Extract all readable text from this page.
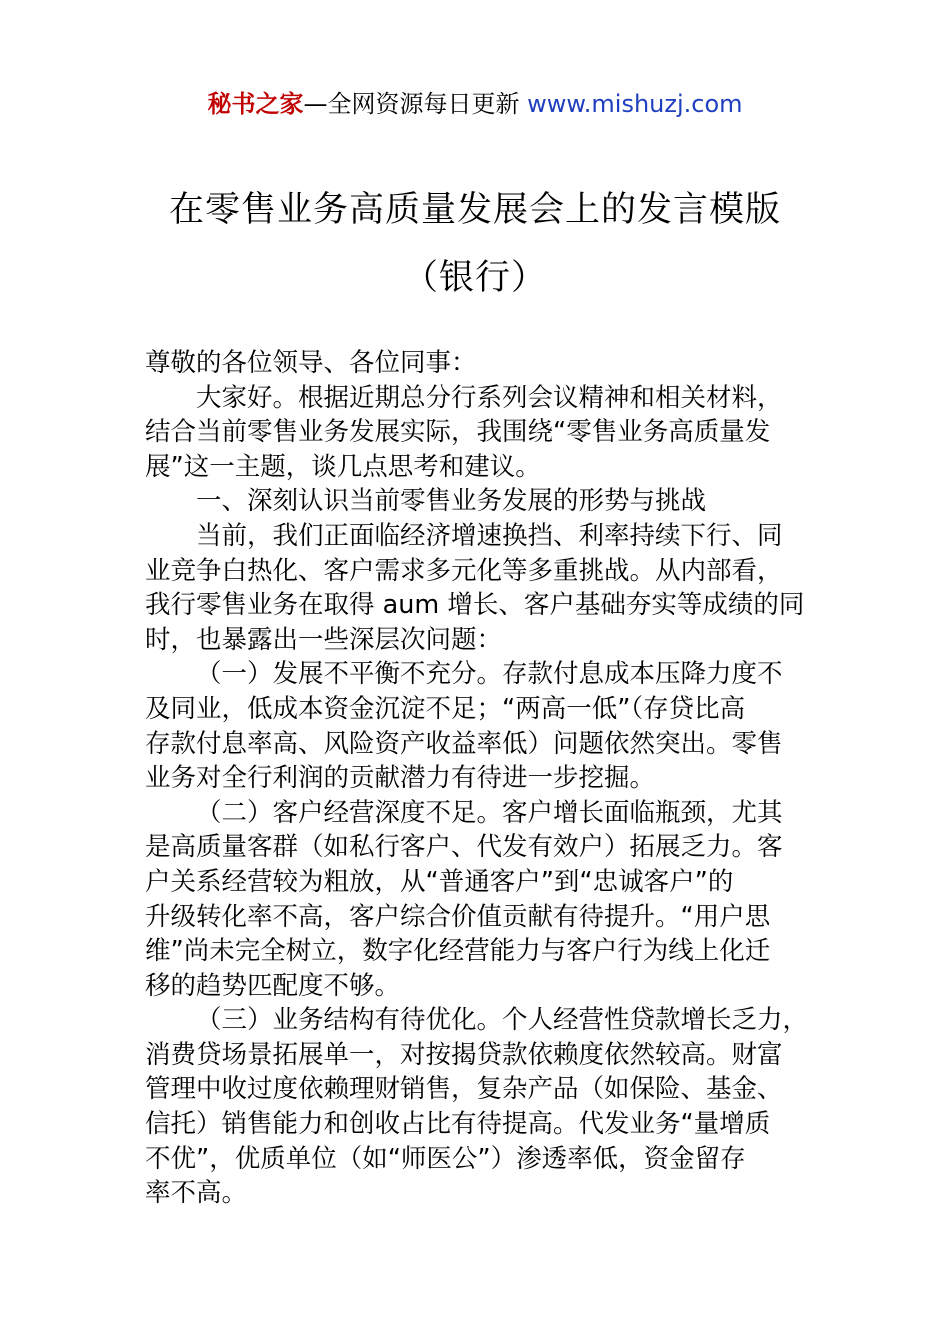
秘书之家—全网资源每日更新 www.mishuzj.com
在零售业务高质量发展会上的发言模版
（银行）
尊敬的各位领导、各位同事：
大家好。根据近期总分行系列会议精神和相关材料，
结合当前零售业务发展实际，我围绕“零售业务高质量发
展”这一主题，谈几点思考和建议。
一、深刻认识当前零售业务发展的形势与挑战
当前，我们正面临经济增速换挡、利率持续下行、同
业竞争白热化、客户需求多元化等多重挑战。从内部看，
我行零售业务在取得 aum 增长、客户基础夯实等成绩的同
时，也暴露出一些深层次问题：
（一）发展不平衡不充分。存款付息成本压降力度不
及同业，低成本资金沉淀不足；“两高一低”（存贷比高
存款付息率高、风险资产收益率低）问题依然突出。零售
业务对全行利润的贡献潜力有待进一步挖掘。
（二）客户经营深度不足。客户增长面临瓶颈，尤其
是高质量客群（如私行客户、代发有效户）拓展乏力。客
户关系经营较为粗放，从“普通客户”到“忠诚客户”的
升级转化率不高，客户综合价值贡献有待提升。“用户思
维”尚未完全树立，数字化经营能力与客户行为线上化迁
移的趋势匹配度不够。
（三）业务结构有待优化。个人经营性贷款增长乏力，
消费贷场景拓展单一，对按揭贷款依赖度依然较高。财富
管理中收过度依赖理财销售，复杂产品（如保险、基金、
信托）销售能力和创收占比有待提高。代发业务“量增质
不优”，优质单位（如“师医公”）渗透率低，资金留存
率不高。
